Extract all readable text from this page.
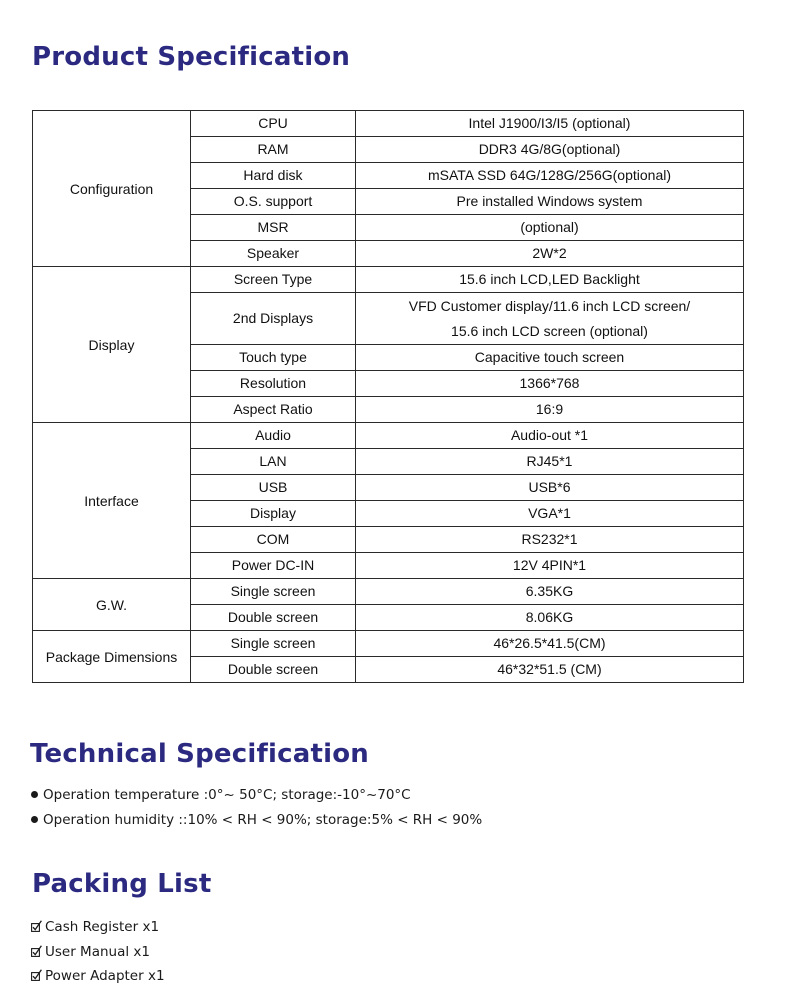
Product Specification
Configuration	CPU	Intel J1900/I3/I5 (optional)

	RAM	DDR3 4G/8G(optional)

	Hard disk	mSATA SSD 64G/128G/256G(optional)

	O.S. support	Pre installed Windows system

	MSR	(optional)

	Speaker	2W*2

Display	Screen Type	15.6 inch LCD,LED Backlight

	2nd Displays	VFD Customer display/11.6 inch LCD screen/
15.6 inch LCD screen (optional)

	Touch type	Capacitive touch screen

	Resolution	1366*768

	Aspect Ratio	16:9

Interface	Audio	Audio-out *1

	LAN	RJ45*1

	USB	USB*6

	Display	VGA*1

	COM	RS232*1

	Power DC-IN	12V 4PIN*1

G.W.	Single screen	6.35KG

	Double screen	8.06KG

Package Dimensions	Single screen	46*26.5*41.5(CM)

	Double screen	46*32*51.5 (CM)
Technical Specification
Operation temperature :0°~ 50°C; storage:-10°~70°C
Operation humidity ::10% < RH < 90%; storage:5% < RH < 90%
Packing List
Cash Register x1
User Manual x1
Power Adapter x1
